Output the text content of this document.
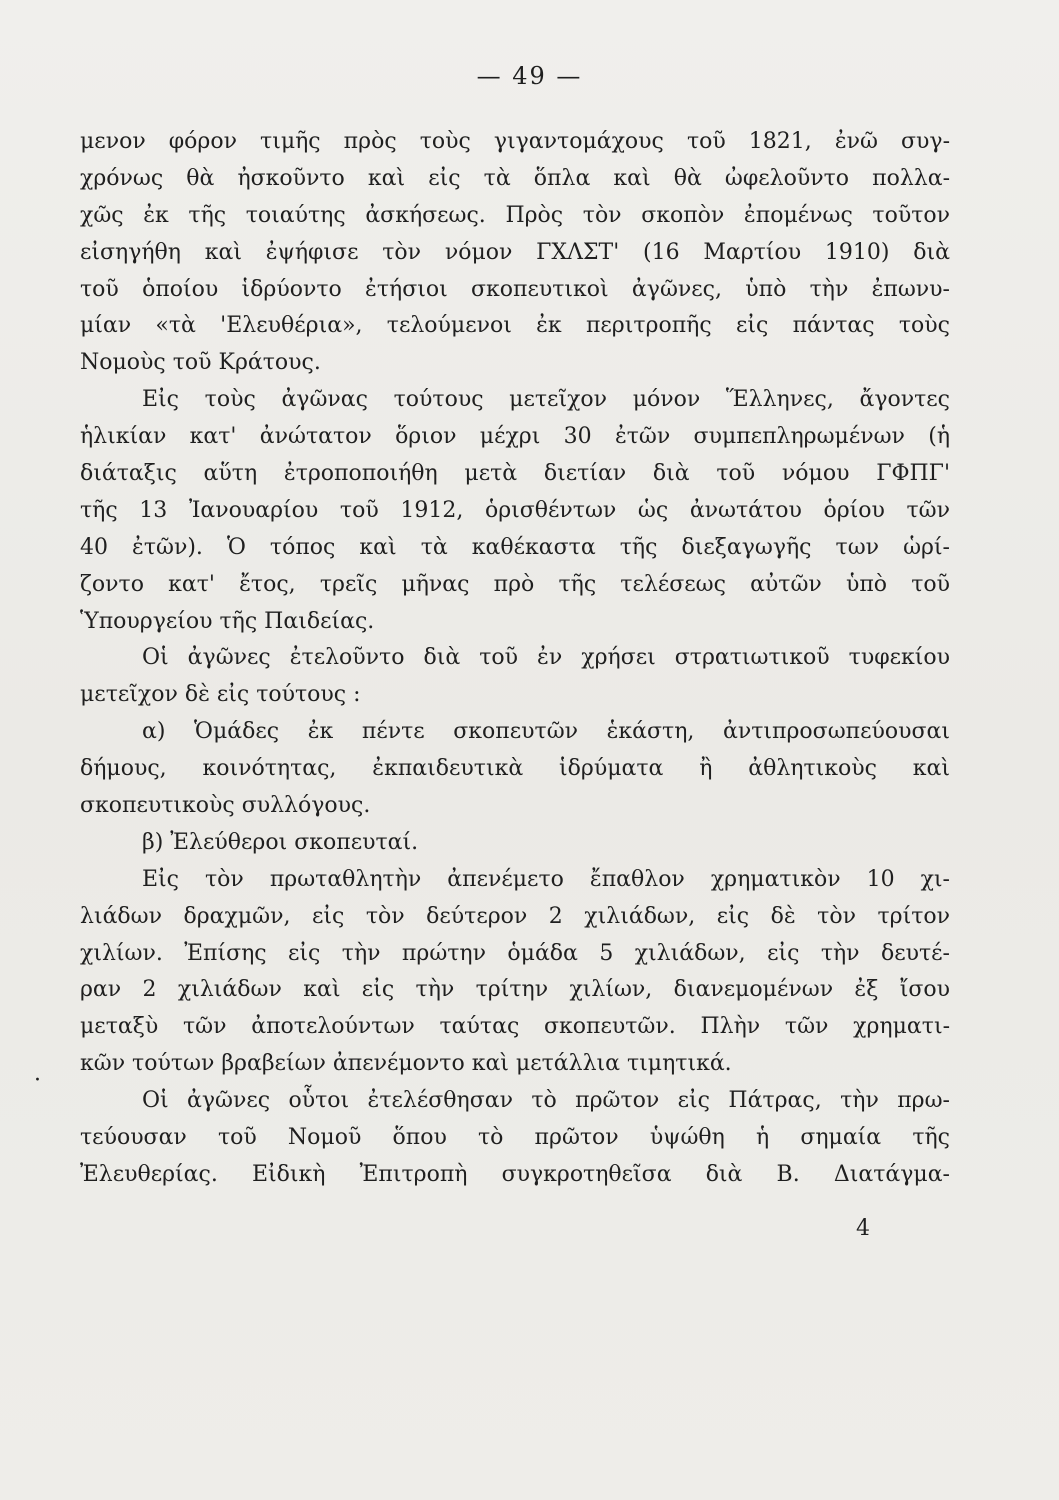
— 49 —
·
μενον φόρον τιμῆς πρὸς τοὺς γιγαντομάχους τοῦ 1821, ἐνῶ συγ-
χρόνως θὰ ἠσκοῦντο καὶ εἰς τὰ ὅπλα καὶ θὰ ὠφελοῦντο πολλα-
χῶς ἐκ τῆς τοιαύτης ἀσκήσεως. Πρὸς τὸν σκοπὸν ἐπομένως τοῦτον
εἰσηγήθη καὶ ἐψήφισε τὸν νόμον ΓΧΛΣΤ' (16 Μαρτίου 1910) διὰ
τοῦ ὁποίου ἱδρύοντο ἐτήσιοι σκοπευτικοὶ ἀγῶνες, ὑπὸ τὴν ἐπωνυ-
μίαν «τὰ 'Ελευθέρια», τελούμενοι ἐκ περιτροπῆς εἰς πάντας τοὺς
Νομοὺς τοῦ Κράτους.
Εἰς τοὺς ἀγῶνας τούτους μετεῖχον μόνον Ἕλληνες, ἄγοντες
ἡλικίαν κατ' ἀνώτατον ὅριον μέχρι 30 ἐτῶν συμπεπληρωμένων (ἡ
διάταξις αὕτη ἐτροποποιήθη μετὰ διετίαν διὰ τοῦ νόμου ΓΦΠΓ'
τῆς 13 Ἰανουαρίου τοῦ 1912, ὁρισθέντων ὡς ἀνωτάτου ὁρίου τῶν
40 ἐτῶν). Ὁ τόπος καὶ τὰ καθέκαστα τῆς διεξαγωγῆς των ὡρί-
ζοντο κατ' ἔτος, τρεῖς μῆνας πρὸ τῆς τελέσεως αὐτῶν ὑπὸ τοῦ
Ὑπουργείου τῆς Παιδείας.
Οἱ ἀγῶνες ἐτελοῦντο διὰ τοῦ ἐν χρήσει στρατιωτικοῦ τυφεκίου
μετεῖχον δὲ εἰς τούτους :
α) Ὁμάδες ἐκ πέντε σκοπευτῶν ἑκάστη, ἀντιπροσωπεύουσαι
δήμους, κοινότητας, ἐκπαιδευτικὰ ἱδρύματα ἢ ἀθλητικοὺς καὶ
σκοπευτικοὺς συλλόγους.
β) Ἐλεύθεροι σκοπευταί.
Εἰς τὸν πρωταθλητὴν ἀπενέμετο ἔπαθλον χρηματικὸν 10 χι-
λιάδων δραχμῶν, εἰς τὸν δεύτερον 2 χιλιάδων, εἰς δὲ τὸν τρίτον
χιλίων. Ἐπίσης εἰς τὴν πρώτην ὁμάδα 5 χιλιάδων, εἰς τὴν δευτέ-
ραν 2 χιλιάδων καὶ εἰς τὴν τρίτην χιλίων, διανεμομένων ἐξ ἴσου
μεταξὺ τῶν ἀποτελούντων ταύτας σκοπευτῶν. Πλὴν τῶν χρηματι-
κῶν τούτων βραβείων ἀπενέμοντο καὶ μετάλλια τιμητικά.
Οἱ ἀγῶνες οὗτοι ἐτελέσθησαν τὸ πρῶτον εἰς Πάτρας, τὴν πρω-
τεύουσαν τοῦ Νομοῦ ὅπου τὸ πρῶτον ὑψώθη ἡ σημαία τῆς
Ἐλευθερίας. Εἰδικὴ Ἐπιτροπὴ συγκροτηθεῖσα διὰ Β. Διατάγμα-
4
